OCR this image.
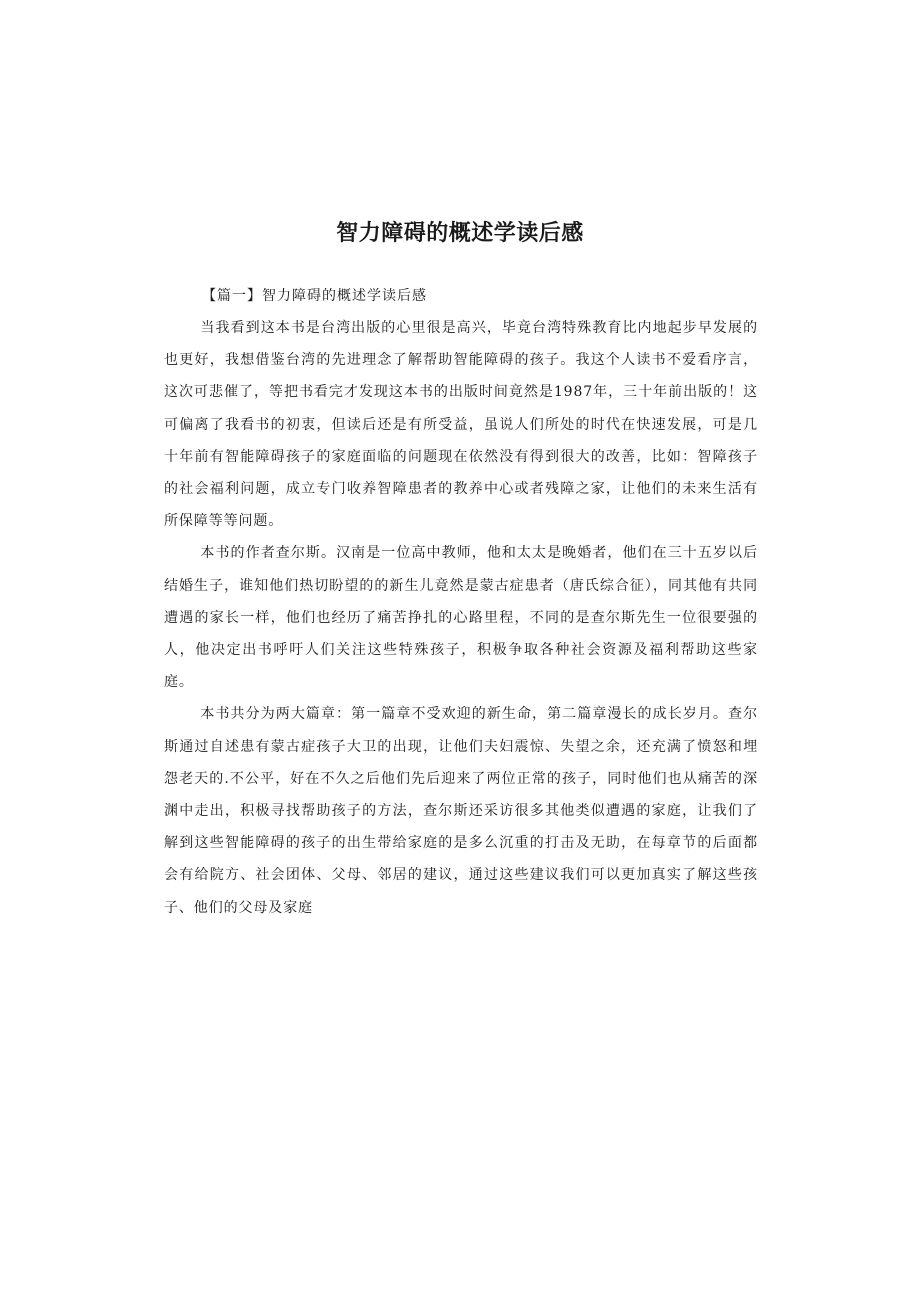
智力障碍的概述学读后感

【篇一】智力障碍的概述学读后感

当我看到这本书是台湾出版的心里很是高兴，毕竟台湾特殊教育比内地起步早发展的也更好，我想借鉴台湾的先进理念了解帮助智能障碍的孩子。我这个人读书不爱看序言，这次可悲催了，等把书看完才发现这本书的出版时间竟然是1987年，三十年前出版的！这可偏离了我看书的初衷，但读后还是有所受益，虽说人们所处的时代在快速发展，可是几十年前有智能障碍孩子的家庭面临的问题现在依然没有得到很大的改善，比如：智障孩子的社会福利问题，成立专门收养智障患者的教养中心或者残障之家，让他们的未来生活有所保障等等问题。

本书的作者查尔斯。汉南是一位高中教师，他和太太是晚婚者，他们在三十五岁以后结婚生子，谁知他们热切盼望的的新生儿竟然是蒙古症患者（唐氏综合征），同其他有共同遭遇的家长一样，他们也经历了痛苦挣扎的心路里程，不同的是查尔斯先生一位很要强的人，他决定出书呼吁人们关注这些特殊孩子，积极争取各种社会资源及福利帮助这些家庭。

本书共分为两大篇章：第一篇章不受欢迎的新生命，第二篇章漫长的成长岁月。查尔斯通过自述患有蒙古症孩子大卫的出现，让他们夫妇震惊、失望之余，还充满了愤怒和埋怨老天的.不公平，好在不久之后他们先后迎来了两位正常的孩子，同时他们也从痛苦的深渊中走出，积极寻找帮助孩子的方法，查尔斯还采访很多其他类似遭遇的家庭，让我们了解到这些智能障碍的孩子的出生带给家庭的是多么沉重的打击及无助，在每章节的后面都会有给院方、社会团体、父母、邻居的建议，通过这些建议我们可以更加真实了解这些孩子、他们的父母及家庭
